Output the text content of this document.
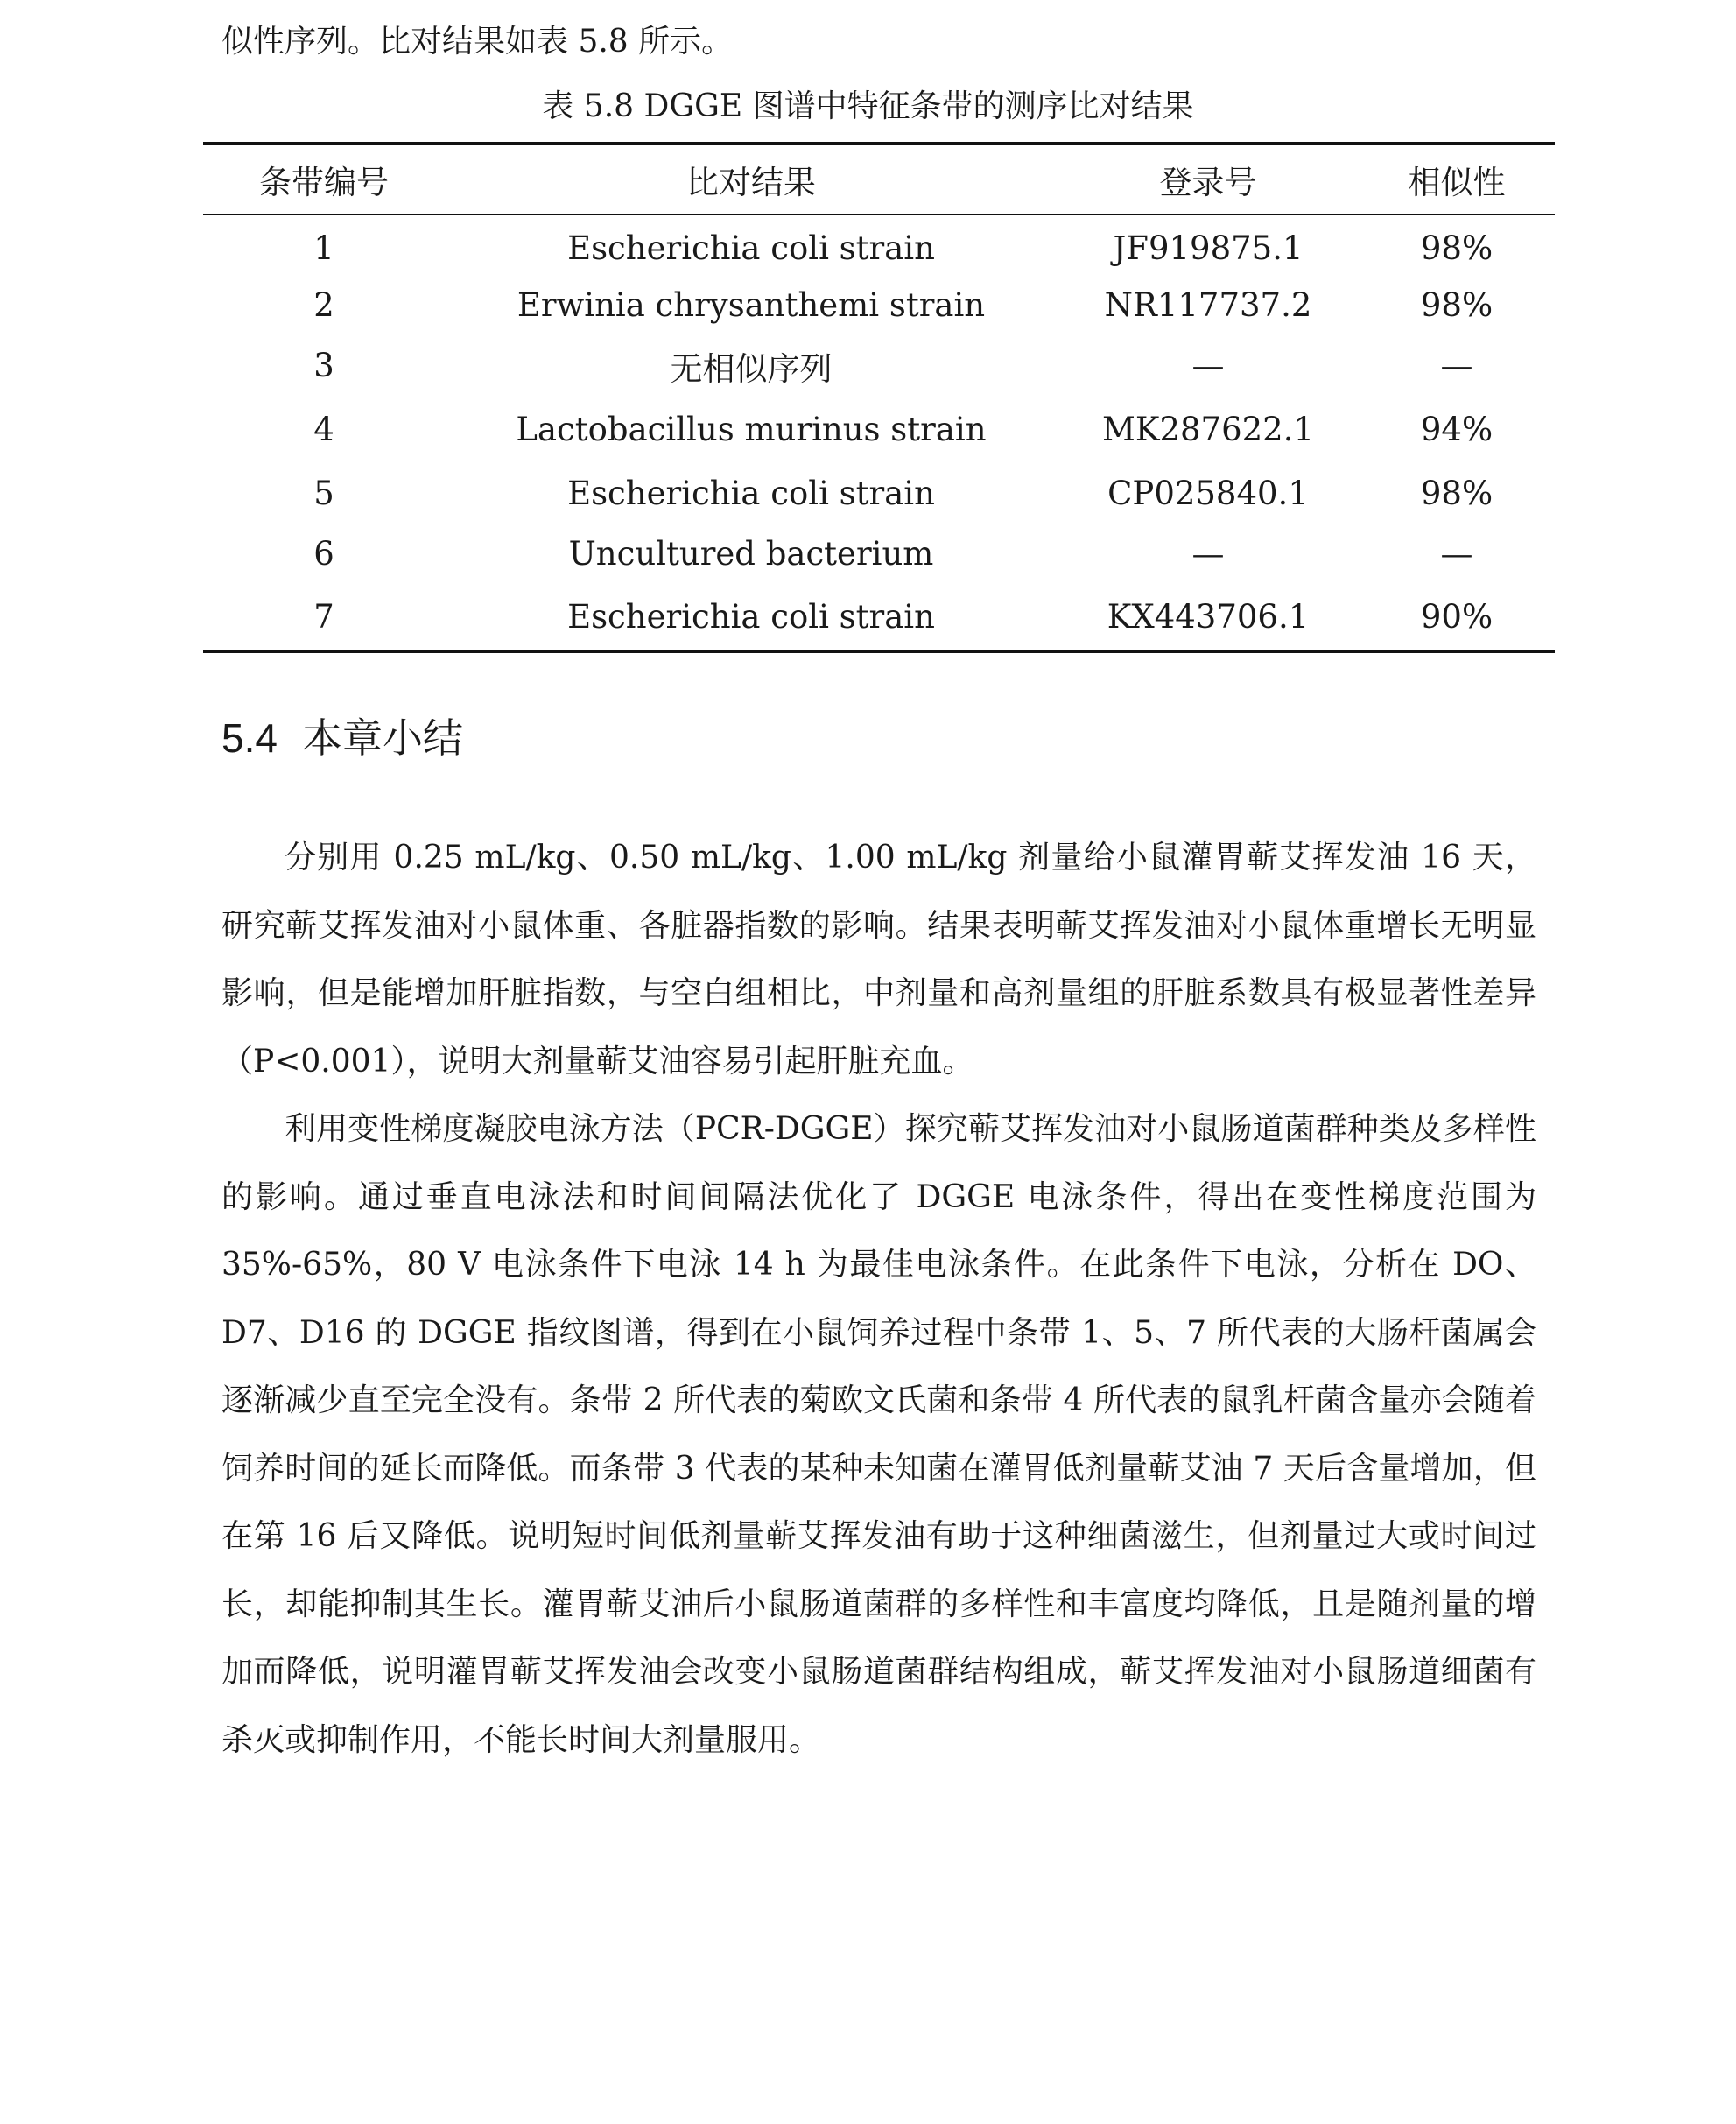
似性序列。比对结果如表 5.8 所示。

表 5.8 DGGE 图谱中特征条带的测序比对结果

条带编号	比对结果	登录号	相似性
1	Escherichia coli strain	JF919875.1	98%
2	Erwinia chrysanthemi strain	NR117737.2	98%
3	无相似序列	—	—
4	Lactobacillus murinus strain	MK287622.1	94%
5	Escherichia coli strain	CP025840.1	98%
6	Uncultured bacterium	—	—
7	Escherichia coli strain	KX443706.1	90%
5.4 本章小结

分别用 0.25 mL/kg、0.50 mL/kg、1.00 mL/kg 剂量给小鼠灌胃蕲艾挥发油 16 天，研究蕲艾挥发油对小鼠体重、各脏器指数的影响。结果表明蕲艾挥发油对小鼠体重增长无明显影响，但是能增加肝脏指数，与空白组相比，中剂量和高剂量组的肝脏系数具有极显著性差异（P<0.001），说明大剂量蕲艾油容易引起肝脏充血。

利用变性梯度凝胶电泳方法（PCR-DGGE）探究蕲艾挥发油对小鼠肠道菌群种类及多样性的影响。通过垂直电泳法和时间间隔法优化了 DGGE 电泳条件，得出在变性梯度范围为 35%-65%，80 V 电泳条件下电泳 14 h 为最佳电泳条件。在此条件下电泳，分析在 DO、D7、D16 的 DGGE 指纹图谱，得到在小鼠饲养过程中条带 1、5、7 所代表的大肠杆菌属会逐渐减少直至完全没有。条带 2 所代表的菊欧文氏菌和条带 4 所代表的鼠乳杆菌含量亦会随着饲养时间的延长而降低。而条带 3 代表的某种未知菌在灌胃低剂量蕲艾油 7 天后含量增加，但在第 16 后又降低。说明短时间低剂量蕲艾挥发油有助于这种细菌滋生，但剂量过大或时间过长，却能抑制其生长。灌胃蕲艾油后小鼠肠道菌群的多样性和丰富度均降低，且是随剂量的增加而降低，说明灌胃蕲艾挥发油会改变小鼠肠道菌群结构组成，蕲艾挥发油对小鼠肠道细菌有杀灭或抑制作用，不能长时间大剂量服用。
